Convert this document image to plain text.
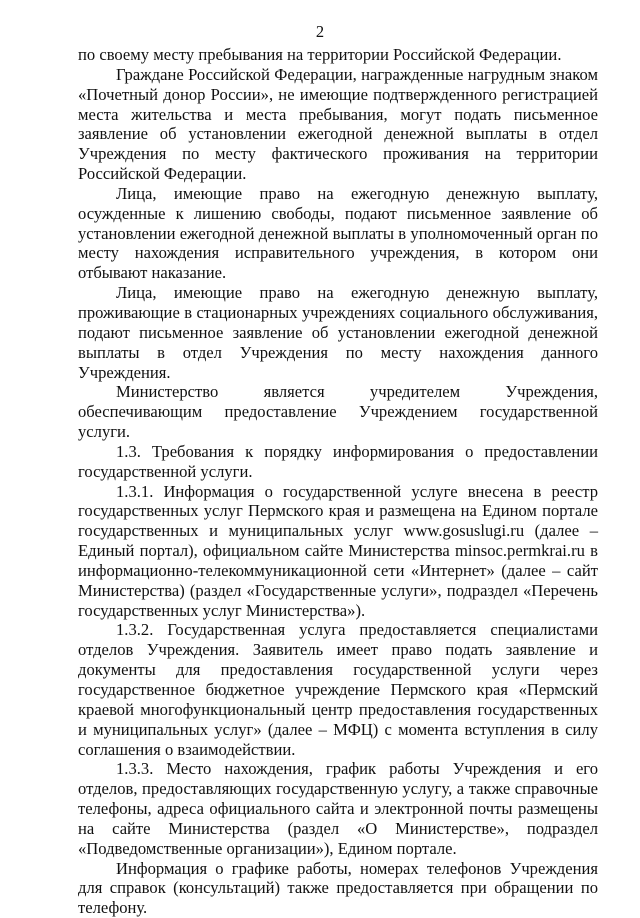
2

по своему месту пребывания на территории Российской Федерации.

Граждане Российской Федерации, награжденные нагрудным знаком «Почетный донор России», не имеющие подтвержденного регистрацией места жительства и места пребывания, могут подать письменное заявление об установлении ежегодной денежной выплаты в отдел Учреждения по месту фактического проживания на территории Российской Федерации.

Лица, имеющие право на ежегодную денежную выплату, осужденные к лишению свободы, подают письменное заявление об установлении ежегодной денежной выплаты в уполномоченный орган по месту нахождения исправительного учреждения, в котором они отбывают наказание.

Лица, имеющие право на ежегодную денежную выплату, проживающие в стационарных учреждениях социального обслуживания, подают письменное заявление об установлении ежегодной денежной выплаты в отдел Учреждения по месту нахождения данного Учреждения.

Министерство является учредителем Учреждения, обеспечивающим предоставление Учреждением государственной услуги.

1.3. Требования к порядку информирования о предоставлении государственной услуги.

1.3.1. Информация о государственной услуге внесена в реестр государственных услуг Пермского края и размещена на Едином портале государственных и муниципальных услуг www.gosuslugi.ru (далее – Единый портал), официальном сайте Министерства minsoc.permkrai.ru в информационно-телекоммуникационной сети «Интернет» (далее – сайт Министерства) (раздел «Государственные услуги», подраздел «Перечень государственных услуг Министерства»).

1.3.2. Государственная услуга предоставляется специалистами отделов Учреждения. Заявитель имеет право подать заявление и документы для предоставления государственной услуги через государственное бюджетное учреждение Пермского края «Пермский краевой многофункциональный центр предоставления государственных и муниципальных услуг» (далее – МФЦ) с момента вступления в силу соглашения о взаимодействии.

1.3.3. Место нахождения, график работы Учреждения и его отделов, предоставляющих государственную услугу, а также справочные телефоны, адреса официального сайта и электронной почты размещены на сайте Министерства (раздел «О Министерстве», подраздел «Подведомственные организации»), Едином портале.

Информация о графике работы, номерах телефонов Учреждения для справок (консультаций) также предоставляется при обращении по телефону.
